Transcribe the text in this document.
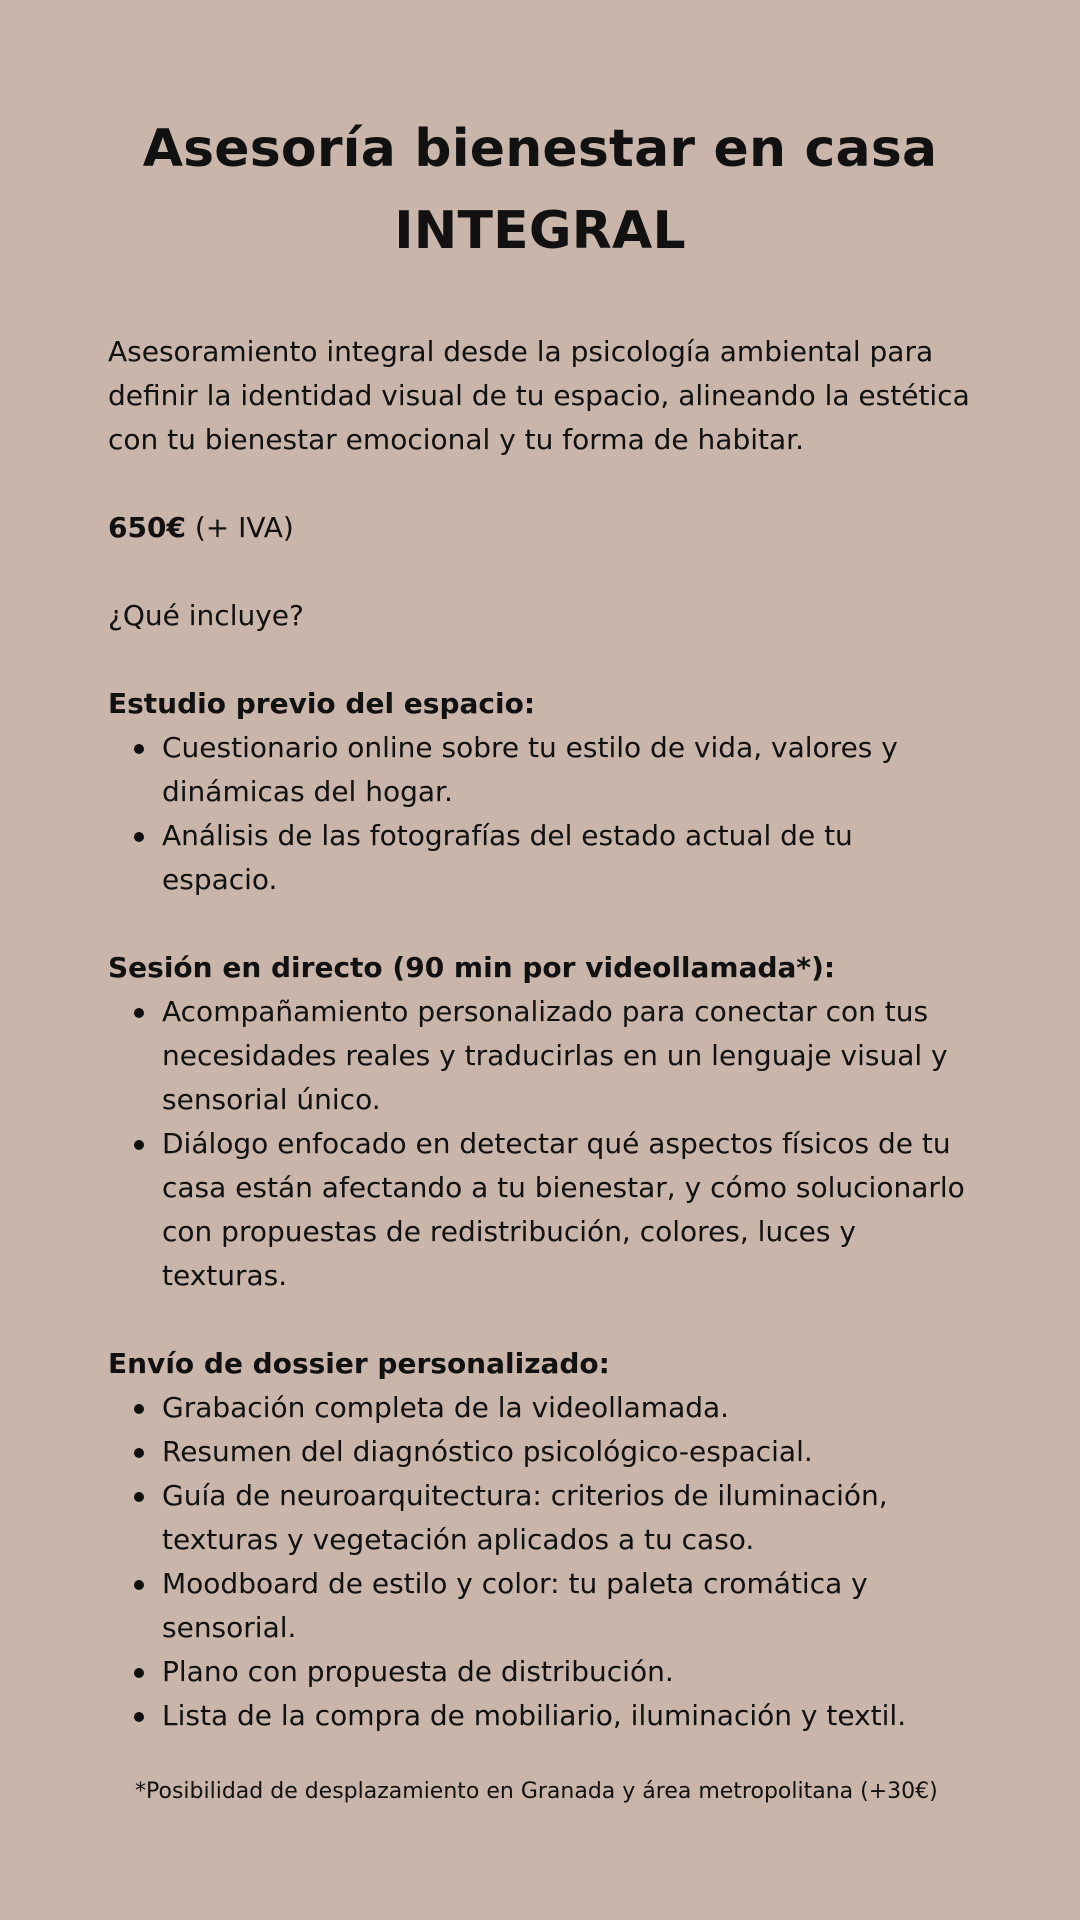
Asesoría bienestar en casa
INTEGRAL

Asesoramiento integral desde la psicología ambiental para definir la identidad visual de tu espacio, alineando la estética con tu bienestar emocional y tu forma de habitar.

650€ (+ IVA)

¿Qué incluye?

Estudio previo del espacio:

Cuestionario online sobre tu estilo de vida, valores y dinámicas del hogar.
Análisis de las fotografías del estado actual de tu espacio.

Sesión en directo (90 min por videollamada*):

Acompañamiento personalizado para conectar con tus necesidades reales y traducirlas en un lenguaje visual y sensorial único.
Diálogo enfocado en detectar qué aspectos físicos de tu casa están afectando a tu bienestar, y cómo solucionarlo con propuestas de redistribución, colores, luces y texturas.

Envío de dossier personalizado:

Grabación completa de la videollamada.
Resumen del diagnóstico psicológico-espacial.
Guía de neuroarquitectura: criterios de iluminación, texturas y vegetación aplicados a tu caso.
Moodboard de estilo y color: tu paleta cromática y sensorial.
Plano con propuesta de distribución.
Lista de la compra de mobiliario, iluminación y textil.

*Posibilidad de desplazamiento en Granada y área metropolitana (+30€)
